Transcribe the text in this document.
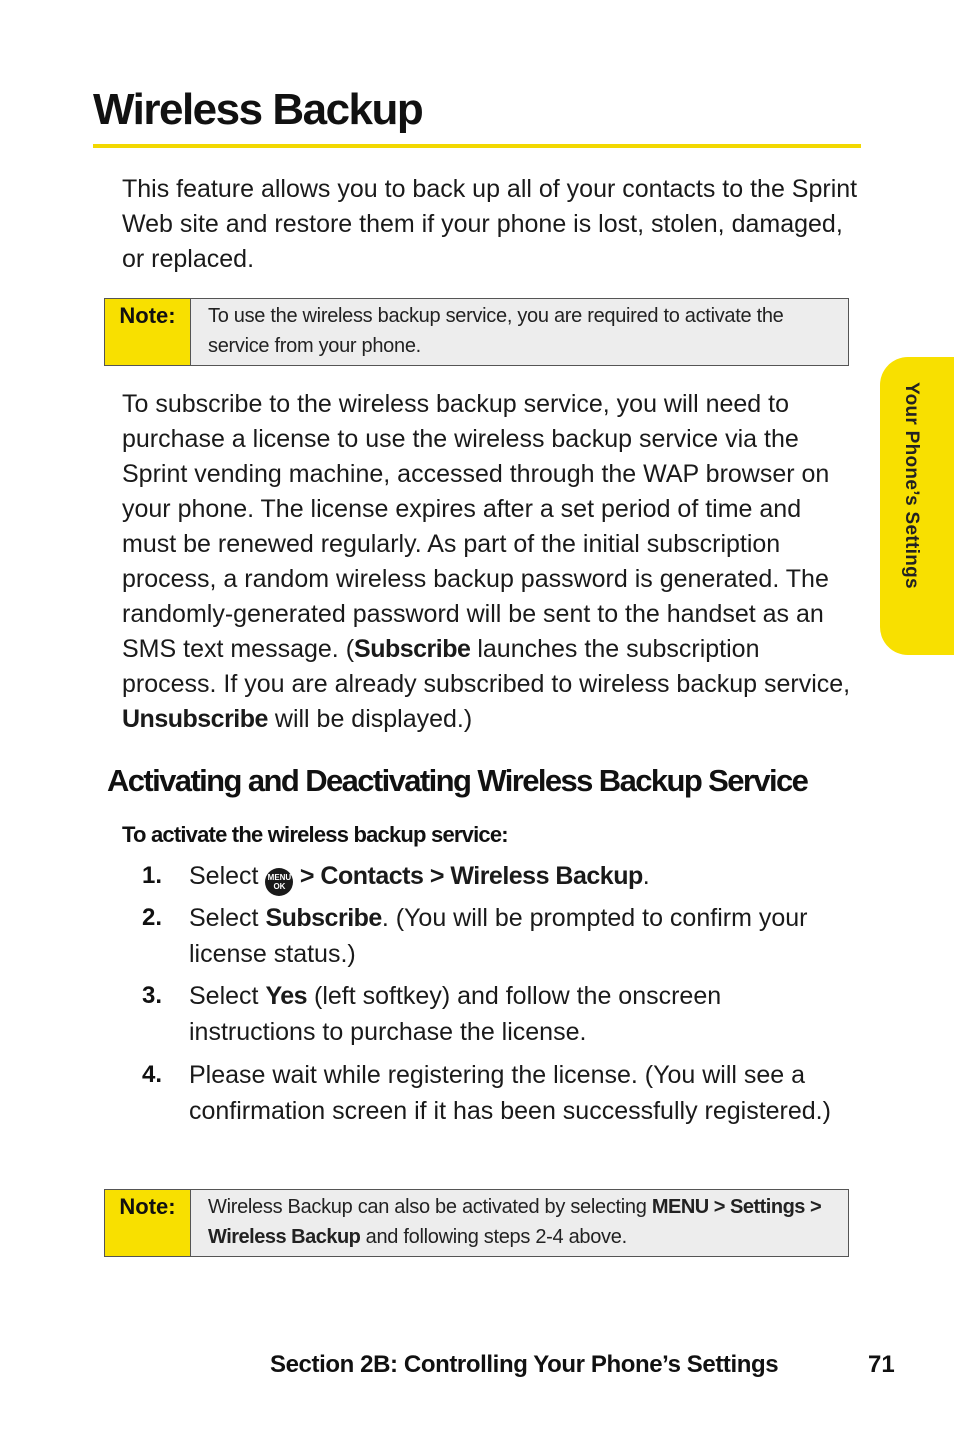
Wireless Backup
This feature allows you to back up all of your contacts to the Sprint Web site and restore them if your phone is lost, stolen, damaged, or replaced.
Note:	To use the wireless backup service, you are required to activate the service from your phone.
To subscribe to the wireless backup service, you will need to purchase a license to use the wireless backup service via the Sprint vending machine, accessed through the WAP browser on your phone. The license expires after a set period of time and must be renewed regularly. As part of the initial subscription process, a random wireless backup password is generated. The randomly-generated password will be sent to the handset as an SMS text message. (Subscribe launches the subscription process. If you are already subscribed to wireless backup service, Unsubscribe will be displayed.)
Activating and Deactivating Wireless Backup Service
To activate the wireless backup service:
1. Select MENU
OK > Contacts > Wireless Backup.
2. Select Subscribe. (You will be prompted to confirm your license status.)
3. Select Yes (left softkey) and follow the onscreen instructions to purchase the license.
4. Please wait while registering the license. (You will see a confirmation screen if it has been successfully registered.)
Note:	Wireless Backup can also be activated by selecting MENU > Settings > Wireless Backup and following steps 2-4 above.
Your Phone’s Settings
Section 2B: Controlling Your Phone’s Settings	71
